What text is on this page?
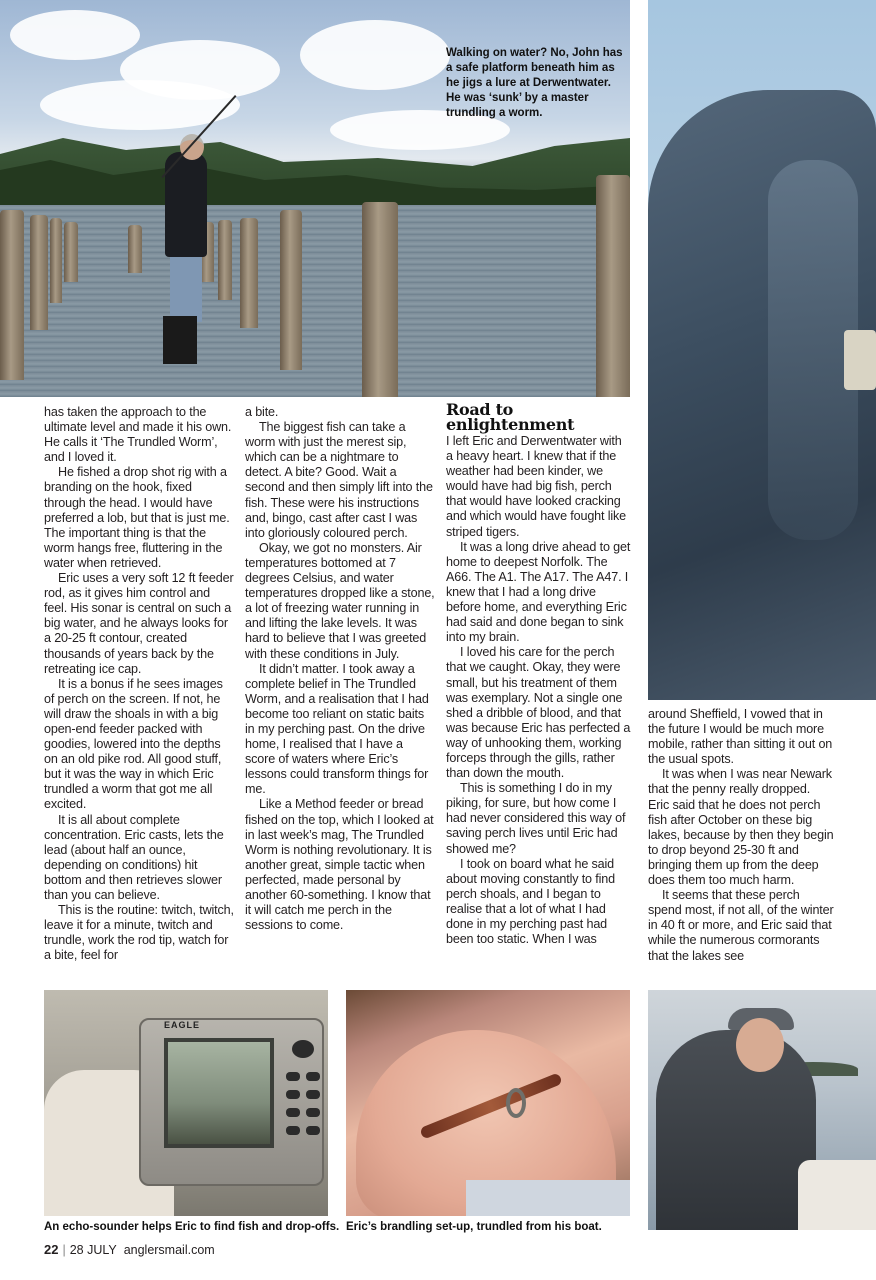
Walking on water? No, John has a safe platform beneath him as he jigs a lure at Derwentwater. He was ‘sunk’ by a master trundling a worm.

has taken the approach to the ultimate level and made it his own. He calls it ‘The Trundled Worm’, and I loved it.

He fished a drop shot rig with a branding on the hook, fixed through the head. I would have preferred a lob, but that is just me. The important thing is that the worm hangs free, fluttering in the water when retrieved.

Eric uses a very soft 12 ft feeder rod, as it gives him control and feel. His sonar is central on such a big water, and he always looks for a 20-25 ft contour, created thousands of years back by the retreating ice cap.

It is a bonus if he sees images of perch on the screen. If not, he will draw the shoals in with a big open-end feeder packed with goodies, lowered into the depths on an old pike rod. All good stuff, but it was the way in which Eric trundled a worm that got me all excited.

It is all about complete concentration. Eric casts, lets the lead (about half an ounce, depending on conditions) hit bottom and then retrieves slower than you can believe.

This is the routine: twitch, twitch, leave it for a minute, twitch and trundle, work the rod tip, watch for a bite, feel for

a bite.

The biggest fish can take a worm with just the merest sip, which can be a nightmare to detect. A bite? Good. Wait a second and then simply lift into the fish. These were his instructions and, bingo, cast after cast I was into gloriously coloured perch.

Okay, we got no monsters. Air temperatures bottomed at 7 degrees Celsius, and water temperatures dropped like a stone, a lot of freezing water running in and lifting the lake levels. It was hard to believe that I was greeted with these conditions in July.

It didn’t matter. I took away a complete belief in The Trundled Worm, and a realisation that I had become too reliant on static baits in my perching past. On the drive home, I realised that I have a score of waters where Eric’s lessons could transform things for me.

Like a Method feeder or bread fished on the top, which I looked at in last week’s mag, The Trundled Worm is nothing revolutionary. It is another great, simple tactic when perfected, made personal by another 60-something. I know that it will catch me perch in the sessions to come.

Road to enlightenment

I left Eric and Derwentwater with a heavy heart. I knew that if the weather had been kinder, we would have had big fish, perch that would have looked cracking and which would have fought like striped tigers.

It was a long drive ahead to get home to deepest Norfolk. The A66. The A1. The A17. The A47. I knew that I had a long drive before home, and everything Eric had said and done began to sink into my brain.

I loved his care for the perch that we caught. Okay, they were small, but his treatment of them was exemplary. Not a single one shed a dribble of blood, and that was because Eric has perfected a way of unhooking them, working forceps through the gills, rather than down the mouth.

This is something I do in my piking, for sure, but how come I had never considered this way of saving perch lives until Eric had showed me?

I took on board what he said about moving constantly to find perch shoals, and I began to realise that a lot of what I had done in my perching past had been too static. When I was

around Sheffield, I vowed that in the future I would be much more mobile, rather than sitting it out on the usual spots.

It was when I was near Newark that the penny really dropped. Eric said that he does not perch fish after October on these big lakes, because by then they begin to drop beyond 25-30 ft and bringing them up from the deep does them too much harm.

It seems that these perch spend most, if not all, of the winter in 40 ft or more, and Eric said that while the numerous cormorants that the lakes see

EAGLE
An echo-sounder helps Eric to find fish and drop-offs. Eric’s brandling set-up, trundled from his boat.
22 | 28 JULY anglersmail.com
